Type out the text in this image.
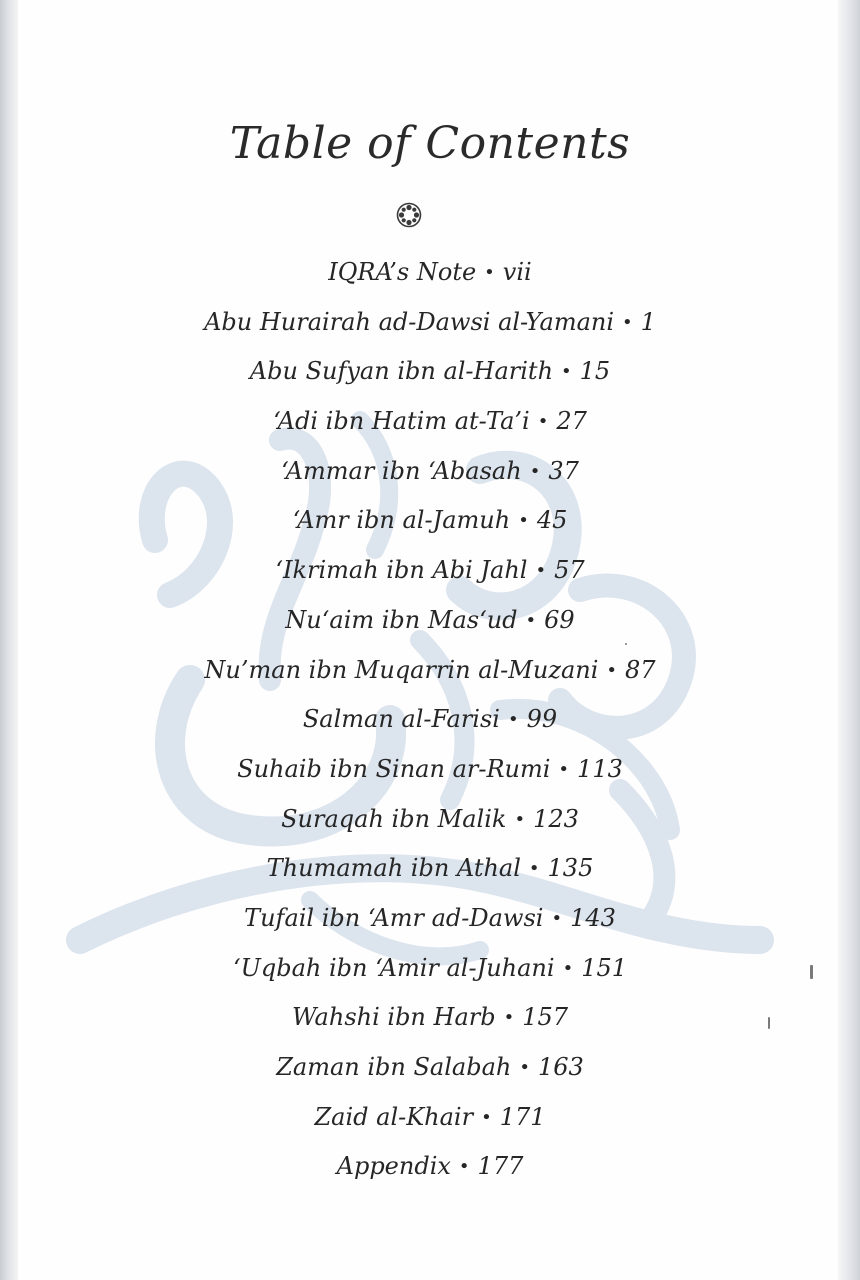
Table of Contents
IQRA’s Note • vii
Abu Hurairah ad-Dawsi al-Yamani • 1
Abu Sufyan ibn al-Harith • 15
‘Adi ibn Hatim at-Ta’i • 27
‘Ammar ibn ‘Abasah • 37
‘Amr ibn al-Jamuh • 45
‘Ikrimah ibn Abi Jahl • 57
Nu‘aim ibn Mas‘ud • 69
Nu’man ibn Muqarrin al-Muzani • 87
Salman al-Farisi • 99
Suhaib ibn Sinan ar-Rumi • 113
Suraqah ibn Malik • 123
Thumamah ibn Athal • 135
Tufail ibn ‘Amr ad-Dawsi • 143
‘Uqbah ibn ‘Amir al-Juhani • 151
Wahshi ibn Harb • 157
Zaman ibn Salabah • 163
Zaid al-Khair • 171
Appendix • 177
